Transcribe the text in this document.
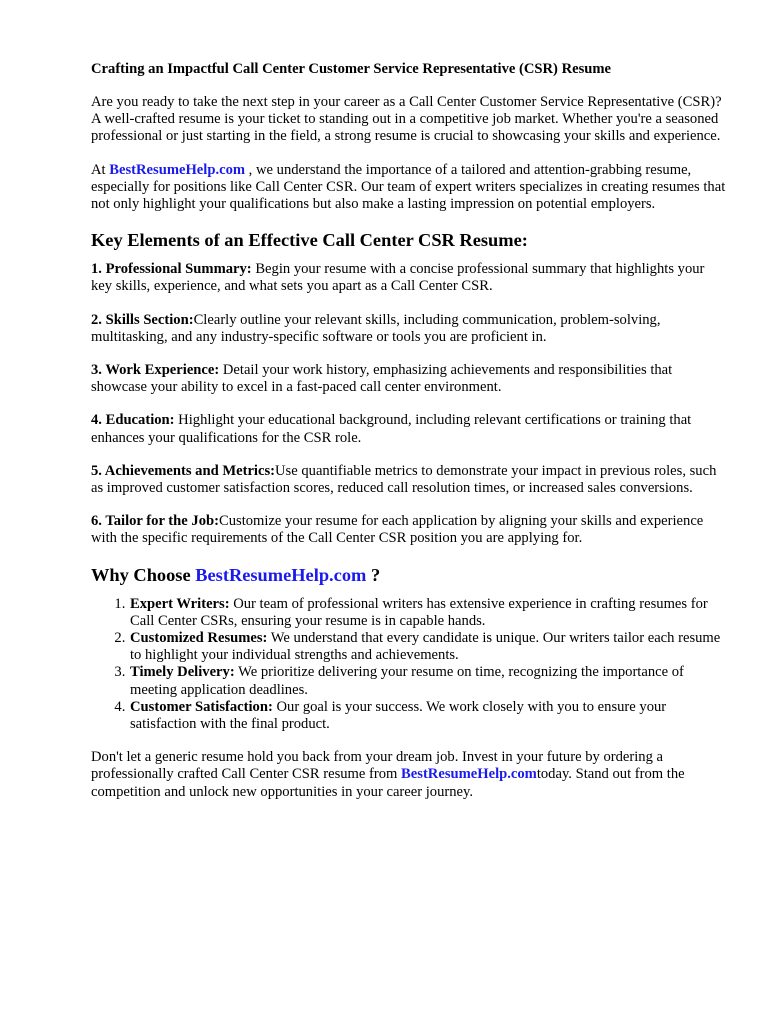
Crafting an Impactful Call Center Customer Service Representative (CSR) Resume

Are you ready to take the next step in your career as a Call Center Customer Service Representative (CSR)? A well-crafted resume is your ticket to standing out in a competitive job market. Whether you're a seasoned professional or just starting in the field, a strong resume is crucial to showcasing your skills and experience.

At BestResumeHelp.com , we understand the importance of a tailored and attention-grabbing resume, especially for positions like Call Center CSR. Our team of expert writers specializes in creating resumes that not only highlight your qualifications but also make a lasting impression on potential employers.

Key Elements of an Effective Call Center CSR Resume:

1. Professional Summary: Begin your resume with a concise professional summary that highlights your key skills, experience, and what sets you apart as a Call Center CSR.

2. Skills Section:Clearly outline your relevant skills, including communication, problem-solving, multitasking, and any industry-specific software or tools you are proficient in.

3. Work Experience: Detail your work history, emphasizing achievements and responsibilities that showcase your ability to excel in a fast-paced call center environment.

4. Education: Highlight your educational background, including relevant certifications or training that enhances your qualifications for the CSR role.

5. Achievements and Metrics:Use quantifiable metrics to demonstrate your impact in previous roles, such as improved customer satisfaction scores, reduced call resolution times, or increased sales conversions.

6. Tailor for the Job:Customize your resume for each application by aligning your skills and experience with the specific requirements of the Call Center CSR position you are applying for.

Why Choose BestResumeHelp.com ?
1. Expert Writers: Our team of professional writers has extensive experience in crafting resumes for Call Center CSRs, ensuring your resume is in capable hands.
2. Customized Resumes: We understand that every candidate is unique. Our writers tailor each resume to highlight your individual strengths and achievements.
3. Timely Delivery: We prioritize delivering your resume on time, recognizing the importance of meeting application deadlines.
4. Customer Satisfaction: Our goal is your success. We work closely with you to ensure your satisfaction with the final product.

Don't let a generic resume hold you back from your dream job. Invest in your future by ordering a professionally crafted Call Center CSR resume from BestResumeHelp.comtoday. Stand out from the competition and unlock new opportunities in your career journey.
